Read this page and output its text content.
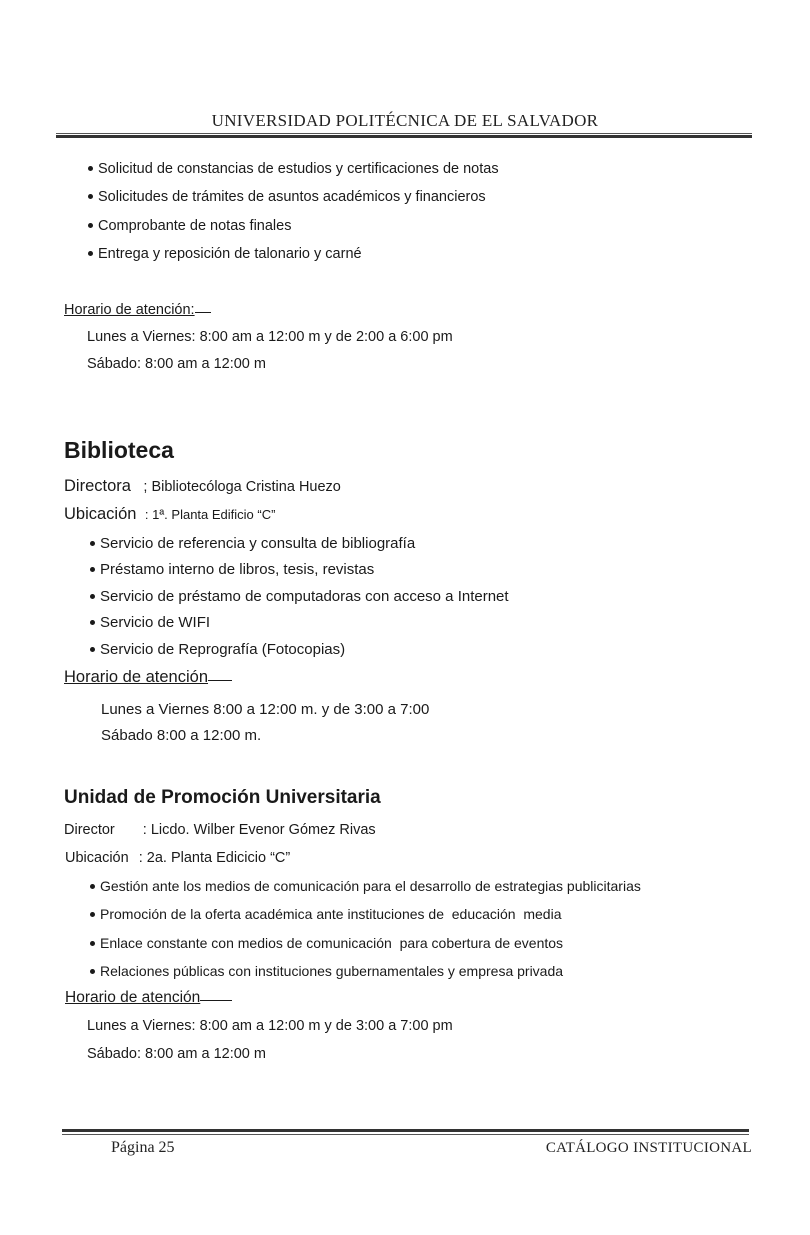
UNIVERSIDAD POLITÉCNICA DE EL SALVADOR
Solicitud de constancias de estudios y certificaciones de notas
Solicitudes de trámites de asuntos académicos y financieros
Comprobante de notas finales
Entrega y reposición de talonario y carné
Horario de atención:
Lunes a Viernes: 8:00 am a 12:00 m y de 2:00 a 6:00 pm
Sábado: 8:00 am a 12:00 m
Biblioteca
Directora ; Bibliotecóloga Cristina Huezo
Ubicación : 1ª. Planta Edificio “C”
Servicio de referencia y consulta de bibliografía
Préstamo interno de libros, tesis, revistas
Servicio de préstamo de computadoras con acceso a Internet
Servicio de WIFI
Servicio de Reprografía (Fotocopias)
Horario de atención
Lunes a Viernes 8:00 a 12:00 m. y de 3:00 a 7:00
Sábado 8:00 a 12:00 m.
Unidad de Promoción Universitaria
Director : Licdo. Wilber Evenor Gómez Rivas
Ubicación : 2a. Planta Edicicio “C”
Gestión ante los medios de comunicación para el desarrollo de estrategias publicitarias
Promoción de la oferta académica ante instituciones de  educación  media
Enlace constante con medios de comunicación  para cobertura de eventos
Relaciones públicas con instituciones gubernamentales y empresa privada
Horario de atención
Lunes a Viernes: 8:00 am a 12:00 m y de 3:00 a 7:00 pm
Sábado: 8:00 am a 12:00 m
Página 25	CATÁLOGO INSTITUCIONAL
